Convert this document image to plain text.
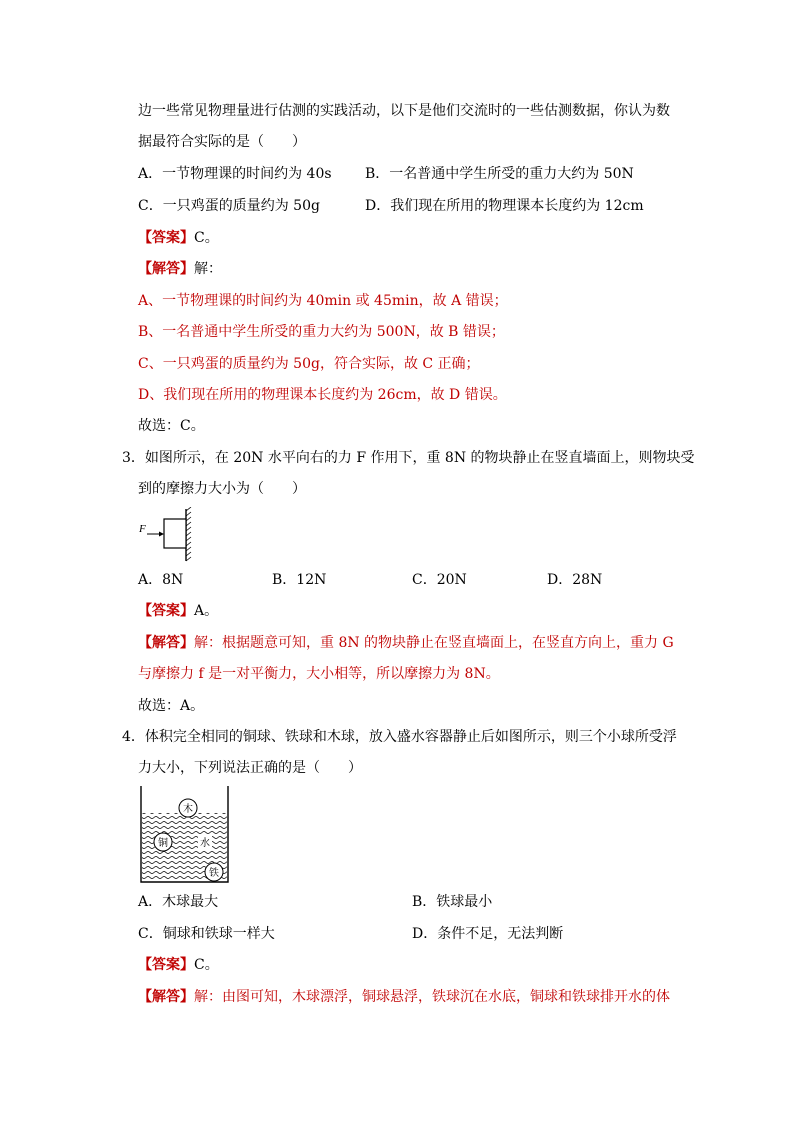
边一些常见物理量进行估测的实践活动，以下是他们交流时的一些估测数据，你认为数
据最符合实际的是（　　）
A．一节物理课的时间约为 40s B．一名普通中学生所受的重力大约为 50N
C．一只鸡蛋的质量约为 50g	D．我们现在所用的物理课本长度约为 12cm
【答案】C。
【解答】解：
A、一节物理课的时间约为 40min 或 45min，故 A 错误；
B、一名普通中学生所受的重力大约为 500N，故 B 错误；
C、一只鸡蛋的质量约为 50g，符合实际，故 C 正确；
D、我们现在所用的物理课本长度约为 26cm，故 D 错误。
故选：C。
3．如图所示，在 20N 水平向右的力 F 作用下，重 8N 的物块静止在竖直墙面上，则物块受
到的摩擦力大小为（　　）
F
A．8N	B．12N	C．20N	D．28N
【答案】A。
【解答】解：根据题意可知，重 8N 的物块静止在竖直墙面上，在竖直方向上，重力 G
与摩擦力 f 是一对平衡力，大小相等，所以摩擦力为 8N。
故选：A。
4．体积完全相同的铜球、铁球和木球，放入盛水容器静止后如图所示，则三个小球所受浮
力大小，下列说法正确的是（　　）
木
铜	水
铁
A．木球最大	B．铁球最小
C．铜球和铁球一样大	D．条件不足，无法判断
【答案】C。
【解答】解：由图可知，木球漂浮，铜球悬浮，铁球沉在水底，铜球和铁球排开水的体
